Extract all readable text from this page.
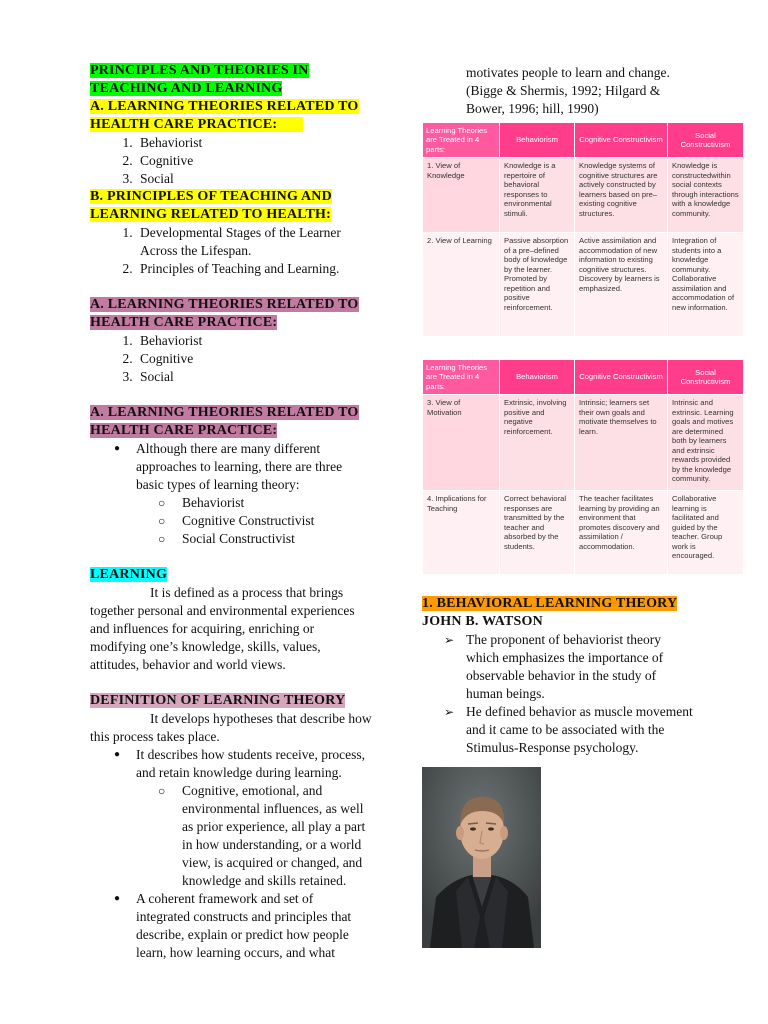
PRINCIPLES AND THEORIES IN
TEACHING AND LEARNING
A. LEARNING THEORIES RELATED TO
HEALTH CARE PRACTICE:
1. Behaviorist
2. Cognitive
3. Social
B. PRINCIPLES OF TEACHING AND
LEARNING RELATED TO HEALTH:
1. Developmental Stages of the Learner
Across the Lifespan.
2. Principles of Teaching and Learning.
A. LEARNING THEORIES RELATED TO
HEALTH CARE PRACTICE:
1. Behaviorist
2. Cognitive
3. Social
A. LEARNING THEORIES RELATED TO
HEALTH CARE PRACTICE:
● Although there are many different
approaches to learning, there are three
basic types of learning theory:
○ Behaviorist
○ Cognitive Constructivist
○ Social Constructivist
LEARNING
It is defined as a process that brings
together personal and environmental experiences
and influences for acquiring, enriching or
modifying one’s knowledge, skills, values,
attitudes, behavior and world views.
DEFINITION OF LEARNING THEORY
It develops hypotheses that describe how
this process takes place.
● It describes how students receive, process,
and retain knowledge during learning.
○ Cognitive, emotional, and
environmental influences, as well
as prior experience, all play a part
in how understanding, or a world
view, is acquired or changed, and
knowledge and skills retained.
● A coherent framework and set of
integrated constructs and principles that
describe, explain or predict how people
learn, how learning occurs, and what
motivates people to learn and change.
(Bigge & Shermis, 1992; Hilgard &
Bower, 1996; hill, 1990)
Learning Theories are Treated in 4 parts:	Behaviorism	Cognitive Constructivism	Social Constructivism
1. View of Knowledge	Knowledge is a repertoire of behavioral responses to environmental stimuli.	Knowledge systems of cognitive structures are actively constructed by learners based on pre–existing cognitive structures.	Knowledge is constructedwithin social contexts through interactions with a knowledge community.
2. View of Learning	Passive absorption of a pre–defined body of knowledge by the learner. Promoted by repetition and positive reinforcement.	Active assimilation and accommodation of new information to existing cognitive structures. Discovery by learners is emphasized.	Integration of students into a knowledge community. Collaborative assimilation and accommodation of new information.
Learning Theories are Treated in 4 parts:	Behaviorism	Cognitive Constructivism	Social Constructivism
3. View of Motivation	Extrinsic, involving positive and negative reinforcement.	Intrinsic; learners set their own goals and motivate themselves to learn.	Intrinsic and extrinsic. Learning goals and motives are determined both by learners and extrinsic rewards provided by the knowledge community.
4. Implications for Teaching	Correct behavioral responses are transmitted by the teacher and absorbed by the students.	The teacher facilitates learning by providing an environment that promotes discovery and assimilation / accommodation.	Collaborative learning is facilitated and guided by the teacher. Group work is encouraged.
1. BEHAVIORAL LEARNING THEORY
JOHN B. WATSON
➢ The proponent of behaviorist theory
which emphasizes the importance of
observable behavior in the study of
human beings.
➢ He defined behavior as muscle movement
and it came to be associated with the
Stimulus-Response psychology.
